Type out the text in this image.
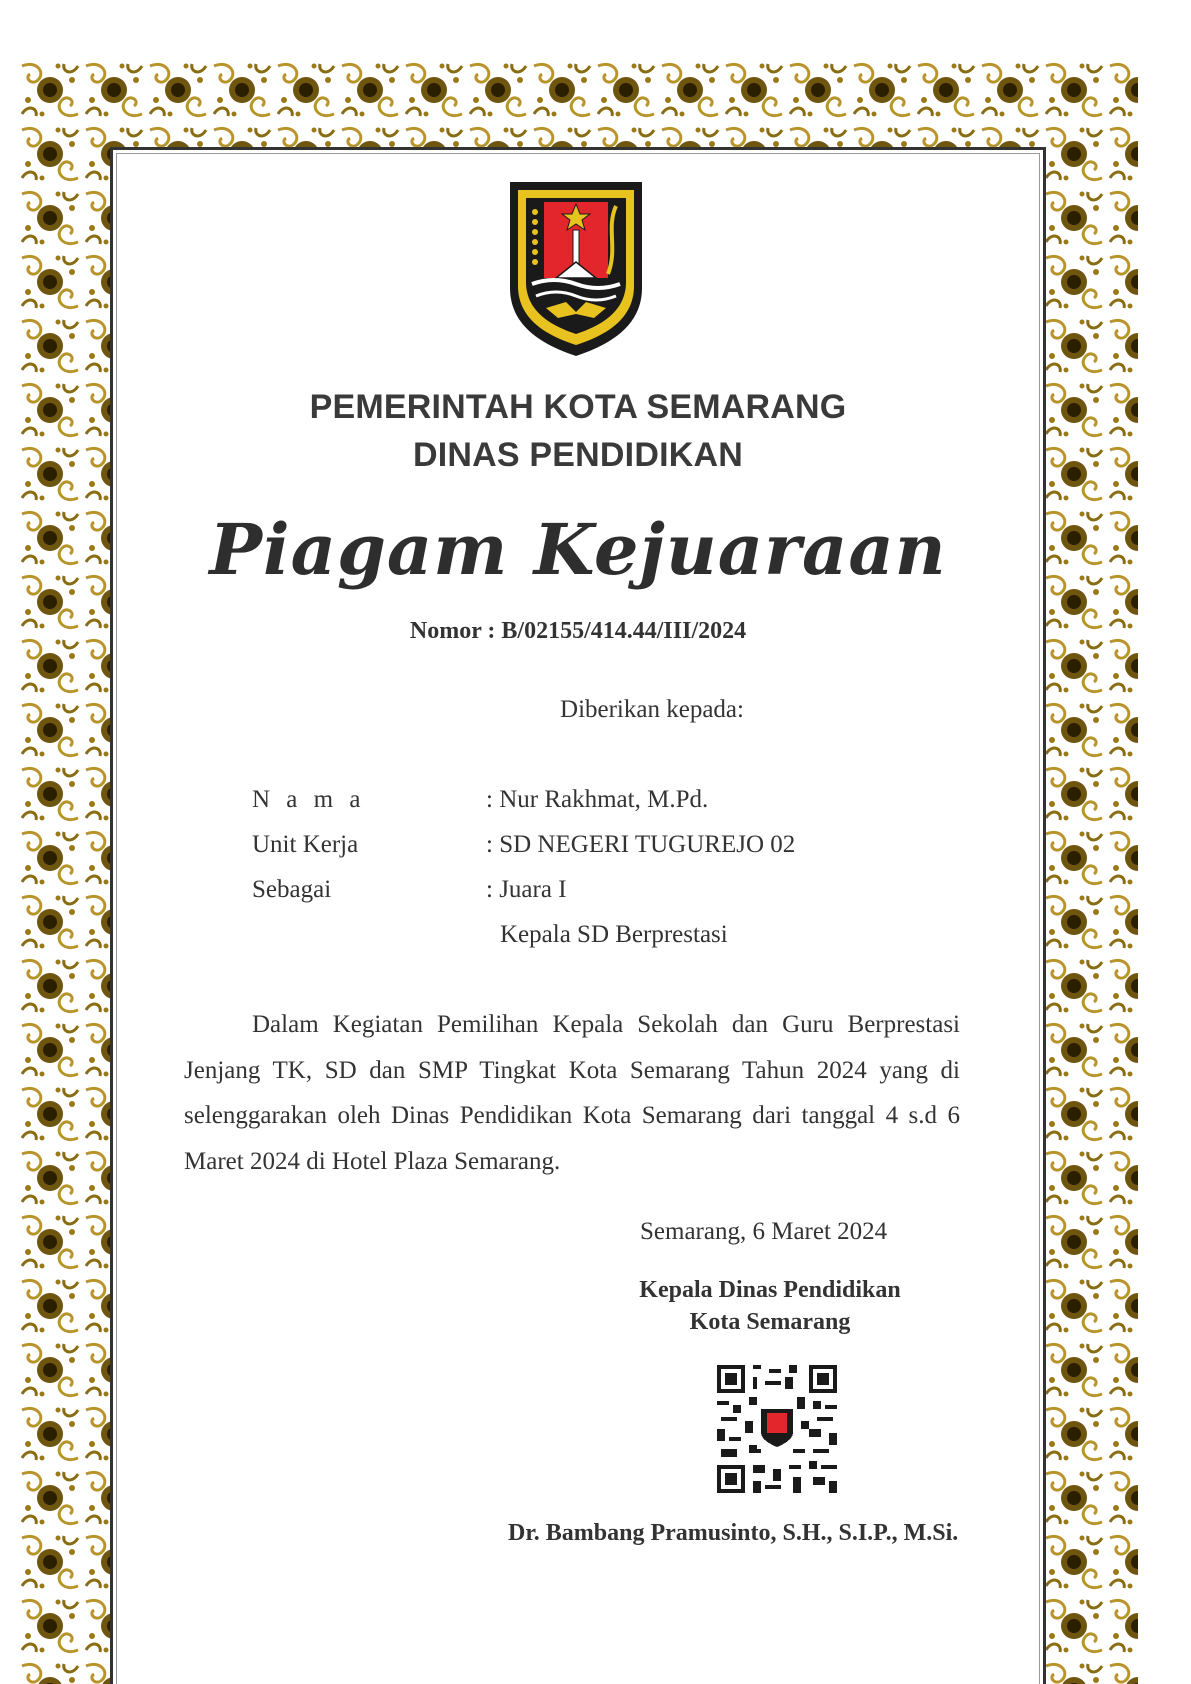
PEMERINTAH KOTA SEMARANG
DINAS PENDIDIKAN
Piagam Kejuaraan
Nomor : B/02155/414.44/III/2024
Diberikan kepada:
N a m a	: Nur Rakhmat, M.Pd.
Unit Kerja	: SD NEGERI TUGUREJO 02
Sebagai	: Juara I
Kepala SD Berprestasi

Dalam Kegiatan Pemilihan Kepala Sekolah dan Guru Berprestasi Jenjang TK, SD dan SMP Tingkat Kota Semarang Tahun 2024 yang di selenggarakan oleh Dinas Pendidikan Kota Semarang dari tanggal 4 s.d 6 Maret 2024 di Hotel Plaza Semarang.

Semarang, 6 Maret 2024
Kepala Dinas Pendidikan
Kota Semarang
Dr. Bambang Pramusinto, S.H., S.I.P., M.Si.
